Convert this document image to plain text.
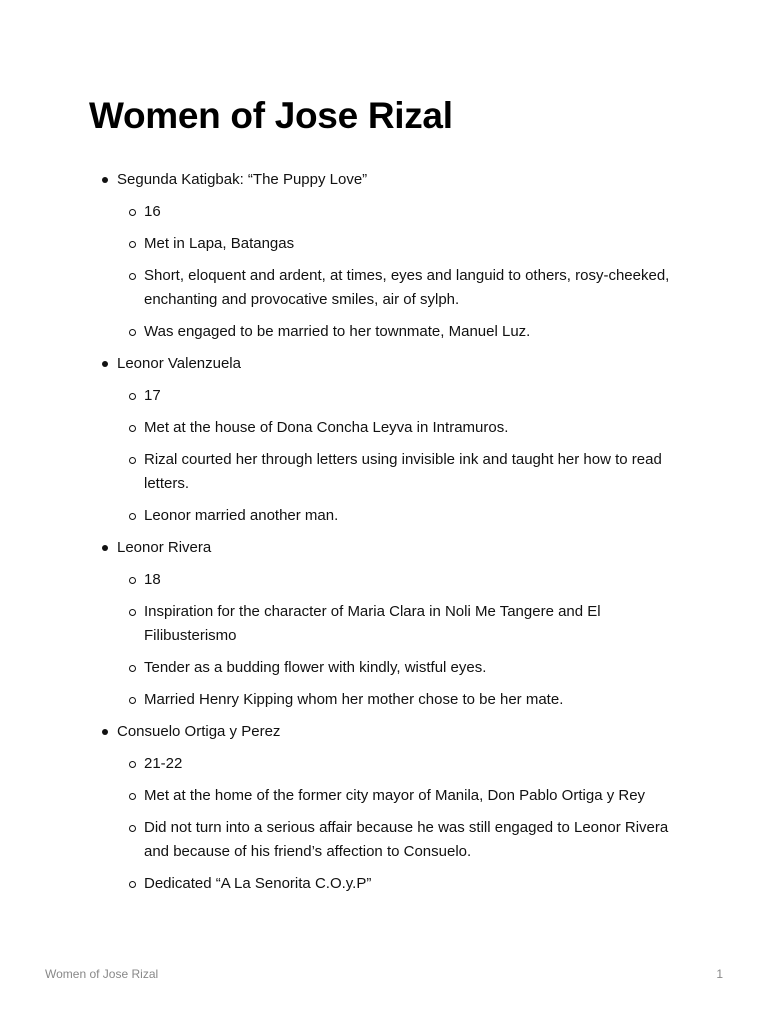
Women of Jose Rizal
Segunda Katigbak: “The Puppy Love”
16
Met in Lapa, Batangas
Short, eloquent and ardent, at times, eyes and languid to others, rosy-cheeked, enchanting and provocative smiles, air of sylph.
Was engaged to be married to her townmate, Manuel Luz.
Leonor Valenzuela
17
Met at the house of Dona Concha Leyva in Intramuros.
Rizal courted her through letters using invisible ink and taught her how to read letters.
Leonor married another man.
Leonor Rivera
18
Inspiration for the character of Maria Clara in Noli Me Tangere and El Filibusterismo
Tender as a budding flower with kindly, wistful eyes.
Married Henry Kipping whom her mother chose to be her mate.
Consuelo Ortiga y Perez
21-22
Met at the home of the former city mayor of Manila, Don Pablo Ortiga y Rey
Did not turn into a serious affair because he was still engaged to Leonor Rivera and because of his friend’s affection to Consuelo.
Dedicated “A La Senorita C.O.y.P”
Women of Jose Rizal	1
